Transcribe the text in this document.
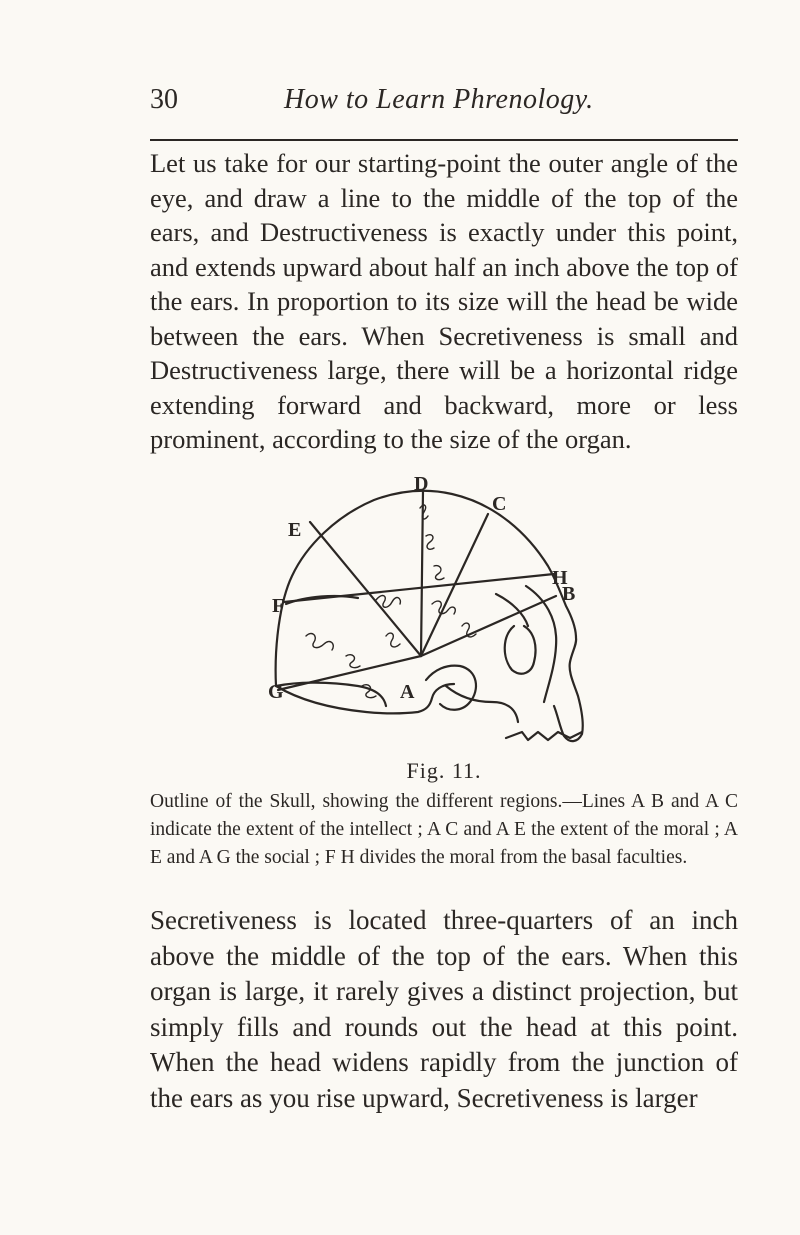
30	How to Learn Phrenology.

Let us take for our starting-point the outer angle of the eye, and draw a line to the middle of the top of the ears, and Destructiveness is exactly under this point, and extends upward about half an inch above the top of the ears. In proportion to its size will the head be wide between the ears. When Secretiveness is small and Destructiveness large, there will be a horizontal ridge extending forward and backward, more or less prominent, according to the size of the organ.

D
C
E
H
B
F
G	A
Fig. 11.

Outline of the Skull, showing the different regions.—Lines A B and A C indicate the extent of the intellect ; A C and A E the extent of the moral ; A E and A G the social ; F H divides the moral from the basal faculties.

Secretiveness is located three-quarters of an inch above the middle of the top of the ears. When this organ is large, it rarely gives a distinct projection, but simply fills and rounds out the head at this point. When the head widens rapidly from the junction of the ears as you rise upward, Secretiveness is larger
